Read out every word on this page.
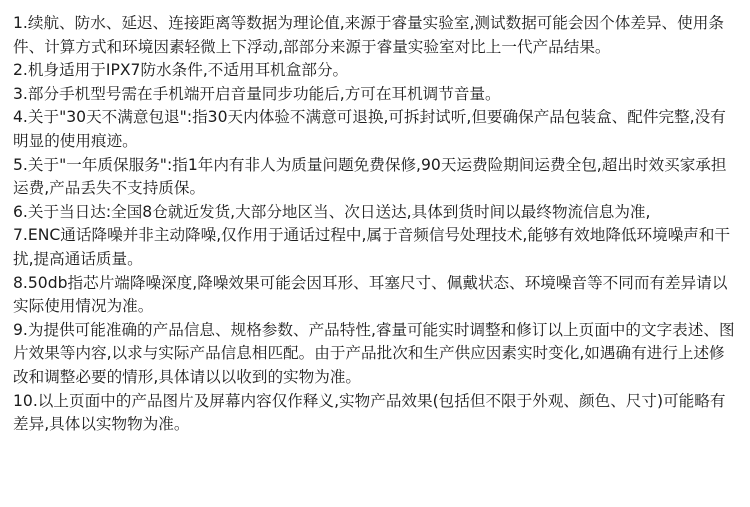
1.续航、防水、延迟、连接距离等数据为理论值,来源于睿量实验室,测试数据可能会因个体差异、使用条件、计算方式和环境因素轻微上下浮动,部部分来源于睿量实验室对比上一代产品结果。

2.机身适用于IPX7防水条件,不适用耳机盒部分。

3.部分手机型号需在手机端开启音量同步功能后,方可在耳机调节音量。

4.关于"30天不满意包退":指30天内体验不满意可退换,可拆封试听,但要确保产品包装盒、配件完整,没有明显的使用痕迹。

5.关于"一年质保服务":指1年内有非人为质量问题免费保修,90天运费险期间运费全包,超出时效买家承担运费,产品丢失不支持质保。

6.关于当日达:全国8仓就近发货,大部分地区当、次日送达,具体到货时间以最终物流信息为准,

7.ENC通话降噪并非主动降噪,仅作用于通话过程中,属于音频信号处理技术,能够有效地降低环境噪声和干扰,提高通话质量。

8.50db指芯片端降噪深度,降噪效果可能会因耳形、耳塞尺寸、佩戴状态、环境噪音等不同而有差异请以实际使用情况为准。

9.为提供可能准确的产品信息、规格参数、产品特性,睿量可能实时调整和修订以上页面中的文字表述、图片效果等内容,以求与实际产品信息相匹配。由于产品批次和生产供应因素实时变化,如遇确有进行上述修改和调整必要的情形,具体请以以收到的实物为准。

10.以上页面中的产品图片及屏幕内容仅作释义,实物产品效果(包括但不限于外观、颜色、尺寸)可能略有差异,具体以实物物为准。
